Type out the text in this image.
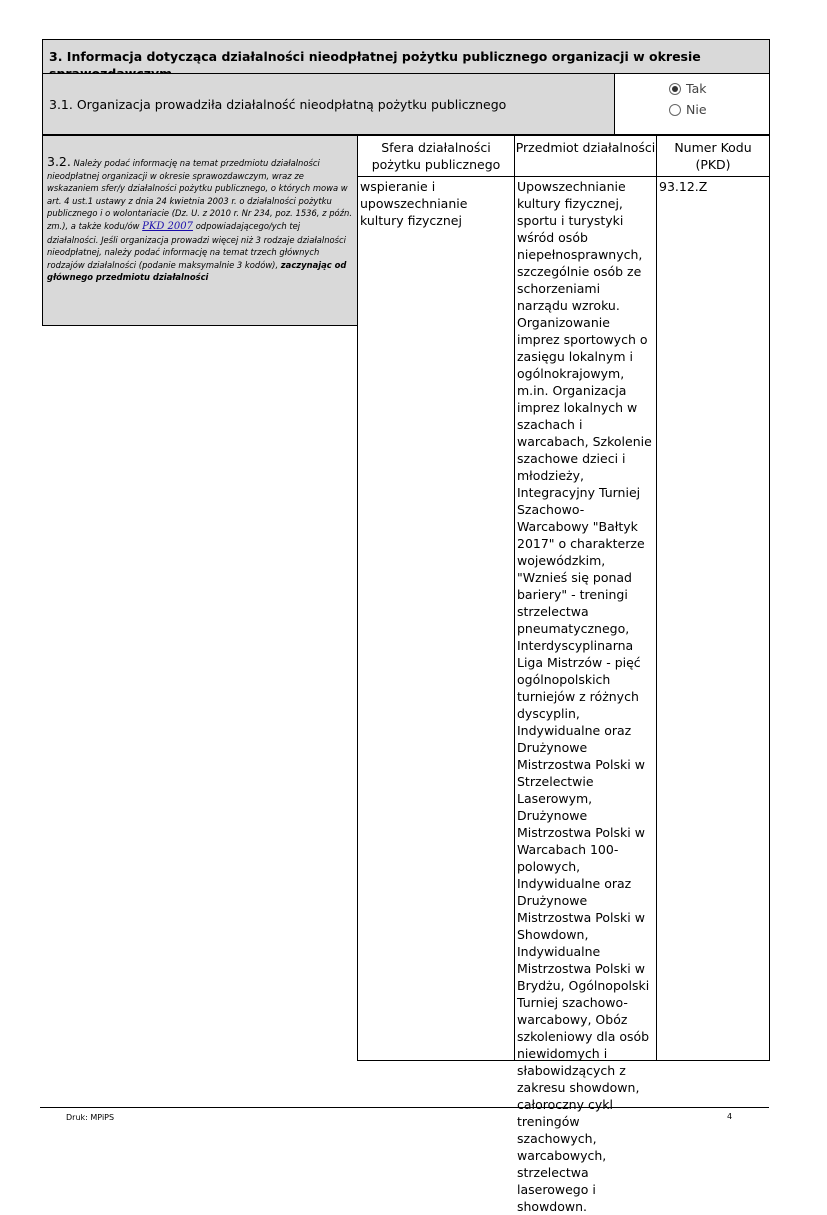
3. Informacja dotycząca działalności nieodpłatnej pożytku publicznego organizacji w okresie
3.1. Organizacja prowadziła działalność nieodpłatną pożytku publicznego
Tak
Nie
3.2. Należy podać informację na temat przedmiotu działalności nieodpłatnej organizacji w okresie sprawozdawczym, wraz ze wskazaniem sfer/y działalności pożytku publicznego, o których mowa w art. 4 ust.1 ustawy z dnia 24 kwietnia 2003 r. o działalności pożytku publicznego i o wolontariacie (Dz. U. z 2010 r. Nr 234, poz. 1536, z późn. zm.), a także kodu/ów PKD 2007 odpowiadającego/ych tej działalności. Jeśli organizacja prowadzi więcej niż 3 rodzaje działalności nieodpłatnej, należy podać informację na temat trzech głównych rodzajów działalności (podanie maksymalnie 3 kodów), zaczynając od głównego przedmiotu działalności
Sfera działalności pożytku publicznego
Przedmiot działalności	Numer Kodu (PKD)
wspieranie i upowszechnianie kultury fizycznej
Upowszechnianie kultury fizycznej, sportu i turystyki wśród osób niepełnosprawnych, szczególnie osób ze schorzeniami narządu wzroku. Organizowanie imprez sportowych o zasięgu lokalnym i ogólnokrajowym, m.in. Organizacja imprez lokalnych w szachach i warcabach, Szkolenie szachowe dzieci i młodzieży, Integracyjny Turniej Szachowo-Warcabowy "Bałtyk 2017" o charakterze wojewódzkim, "Wznieś się ponad bariery" - treningi strzelectwa pneumatycznego, Interdyscyplinarna Liga Mistrzów - pięć ogólnopolskich turniejów z różnych dyscyplin, Indywidualne oraz Drużynowe Mistrzostwa Polski w Strzelectwie Laserowym, Drużynowe Mistrzostwa Polski w Warcabach 100-polowych, Indywidualne oraz Drużynowe Mistrzostwa Polski w Showdown, Indywidualne Mistrzostwa Polski w Brydżu, Ogólnopolski Turniej szachowo-warcabowy, Obóz szkoleniowy dla osób niewidomych i słabowidzących z zakresu showdown, całoroczny cykl treningów szachowych, warcabowych, strzelectwa laserowego i showdown.
93.12.Z
Druk: MPiPS	4
